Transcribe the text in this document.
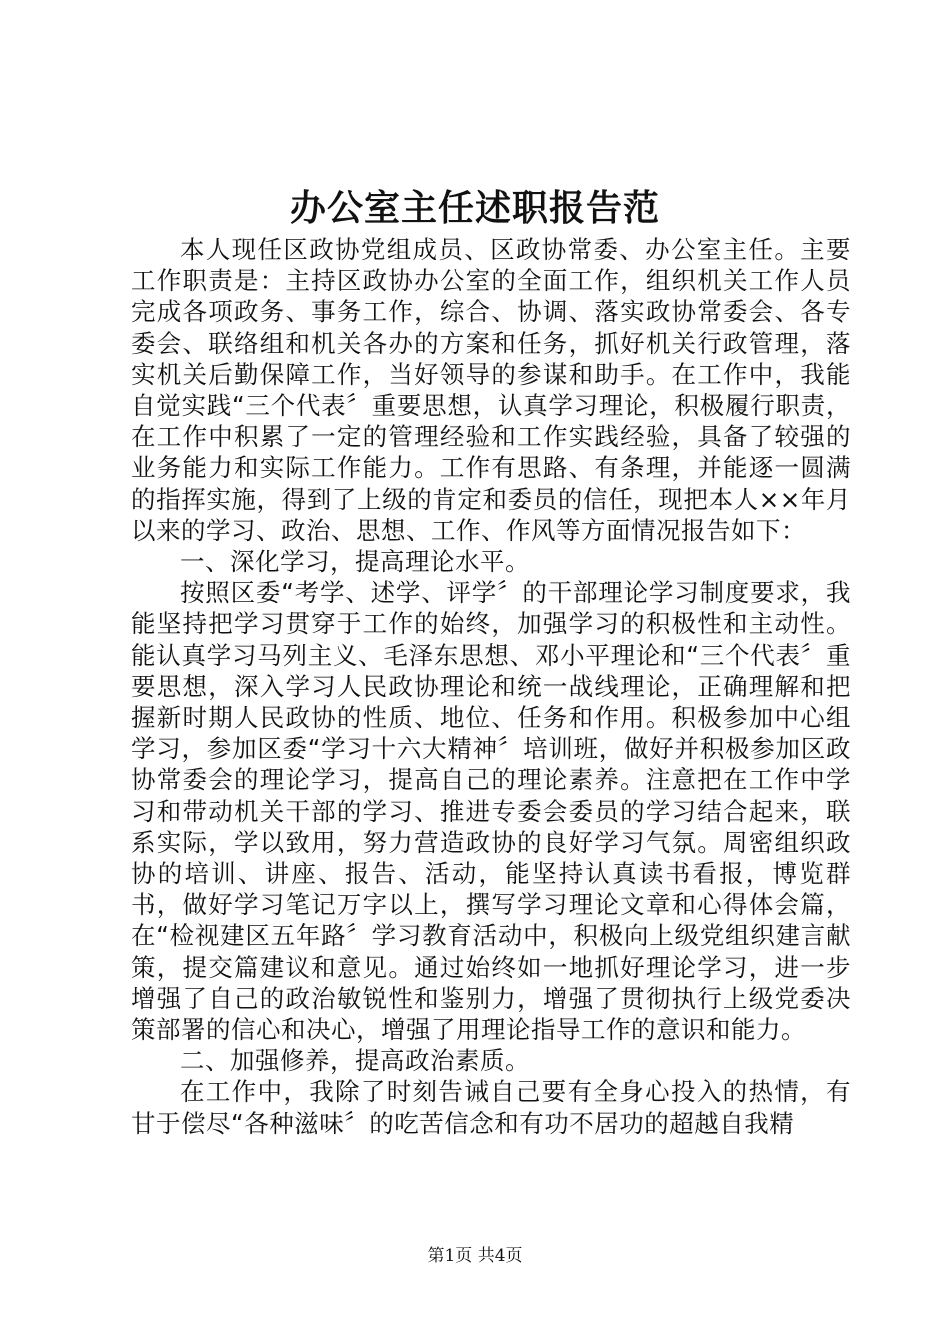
办公室主任述职报告范

本人现任区政协党组成员、区政协常委、办公室主任。主要工作职责是：主持区政协办公室的全面工作，组织机关工作人员完成各项政务、事务工作，综合、协调、落实政协常委会、各专委会、联络组和机关各办的方案和任务，抓好机关行政管理，落实机关后勤保障工作，当好领导的参谋和助手。在工作中，我能自觉实践“三个代表〞重要思想，认真学习理论，积极履行职责，在工作中积累了一定的管理经验和工作实践经验，具备了较强的业务能力和实际工作能力。工作有思路、有条理，并能逐一圆满的指挥实施，得到了上级的肯定和委员的信任，现把本人××年月以来的学习、政治、思想、工作、作风等方面情况报告如下：

一、深化学习，提高理论水平。

按照区委“考学、述学、评学〞的干部理论学习制度要求，我能坚持把学习贯穿于工作的始终，加强学习的积极性和主动性。能认真学习马列主义、毛泽东思想、邓小平理论和“三个代表〞重要思想，深入学习人民政协理论和统一战线理论，正确理解和把握新时期人民政协的性质、地位、任务和作用。积极参加中心组学习，参加区委“学习十六大精神〞培训班，做好并积极参加区政协常委会的理论学习，提高自己的理论素养。注意把在工作中学习和带动机关干部的学习、推进专委会委员的学习结合起来，联系实际，学以致用，努力营造政协的良好学习气氛。周密组织政协的培训、讲座、报告、活动，能坚持认真读书看报，博览群书，做好学习笔记万字以上，撰写学习理论文章和心得体会篇，在“检视建区五年路〞学习教育活动中，积极向上级党组织建言献策，提交篇建议和意见。通过始终如一地抓好理论学习，进一步增强了自己的政治敏锐性和鉴别力，增强了贯彻执行上级党委决策部署的信心和决心，增强了用理论指导工作的意识和能力。

二、加强修养，提高政治素质。

在工作中，我除了时刻告诫自己要有全身心投入的热情，有甘于偿尽“各种滋味〞的吃苦信念和有功不居功的超越自我精

第1页 共4页
